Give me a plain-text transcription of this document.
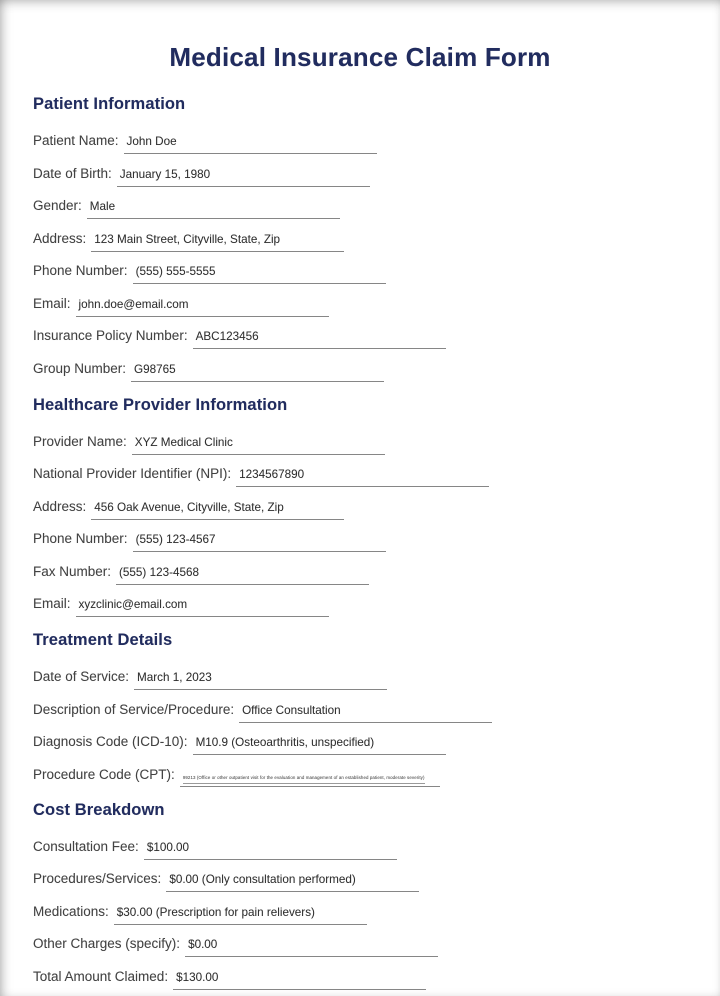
Medical Insurance Claim Form
Patient Information
Patient Name: John Doe
Date of Birth: January 15, 1980
Gender: Male
Address: 123 Main Street, Cityville, State, Zip
Phone Number: (555) 555-5555
Email: john.doe@email.com
Insurance Policy Number: ABC123456
Group Number: G98765
Healthcare Provider Information
Provider Name: XYZ Medical Clinic
National Provider Identifier (NPI): 1234567890
Address: 456 Oak Avenue, Cityville, State, Zip
Phone Number: (555) 123-4567
Fax Number: (555) 123-4568
Email: xyzclinic@email.com
Treatment Details
Date of Service: March 1, 2023
Description of Service/Procedure: Office Consultation
Diagnosis Code (ICD-10): M10.9 (Osteoarthritis, unspecified)
Procedure Code (CPT): 99213 (Office or other outpatient visit for the evaluation and management of an established patient, moderate severity)
Cost Breakdown
Consultation Fee: $100.00
Procedures/Services: $0.00 (Only consultation performed)
Medications: $30.00 (Prescription for pain relievers)
Other Charges (specify): $0.00
Total Amount Claimed: $130.00
